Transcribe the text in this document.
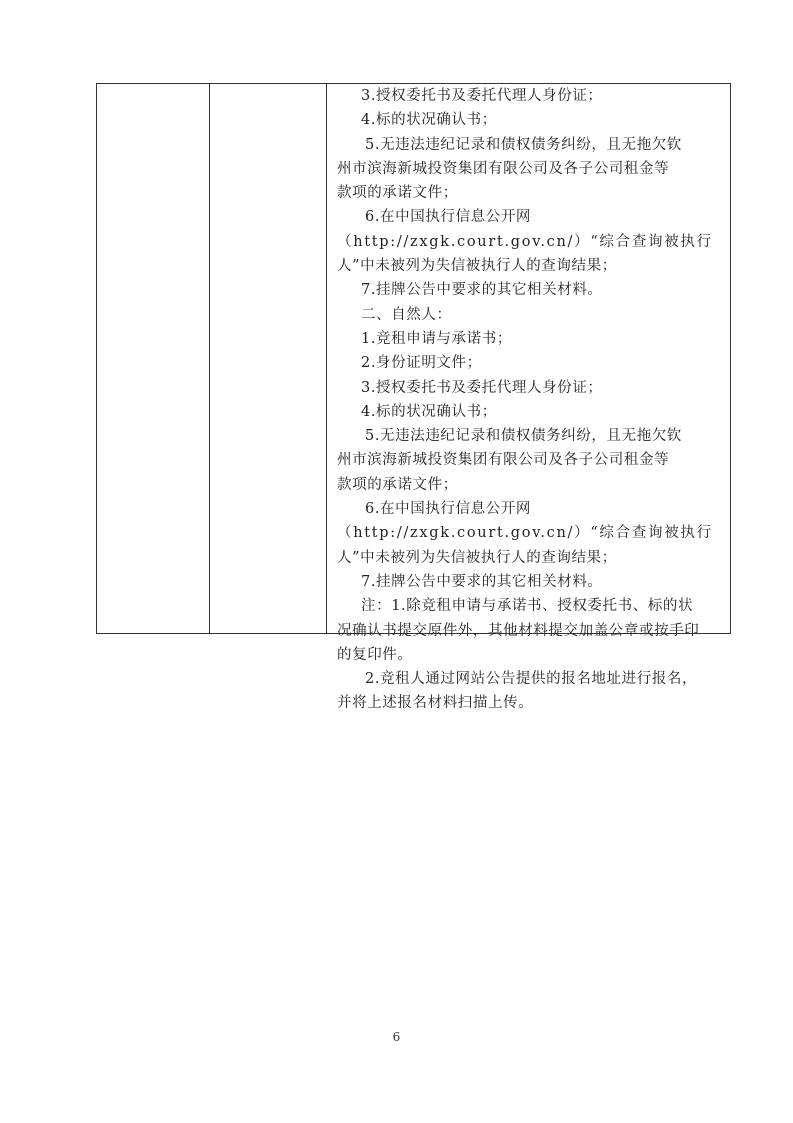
3.授权委托书及委托代理人身份证；

4.标的状况确认书；

5.无违法违纪记录和债权债务纠纷，且无拖欠钦

州市滨海新城投资集团有限公司及各子公司租金等

款项的承诺文件；

6.在中国执行信息公开网

（http://zxgk.court.gov.cn/）“综合查询被执行

人”中未被列为失信被执行人的查询结果；

7.挂牌公告中要求的其它相关材料。

二、自然人：

1.竞租申请与承诺书；

2.身份证明文件；

3.授权委托书及委托代理人身份证；

4.标的状况确认书；

5.无违法违纪记录和债权债务纠纷，且无拖欠钦

州市滨海新城投资集团有限公司及各子公司租金等

款项的承诺文件；

6.在中国执行信息公开网

（http://zxgk.court.gov.cn/）“综合查询被执行

人”中未被列为失信被执行人的查询结果；

7.挂牌公告中要求的其它相关材料。

注：1.除竞租申请与承诺书、授权委托书、标的状

况确认书提交原件外，其他材料提交加盖公章或按手印

的复印件。

2.竞租人通过网站公告提供的报名地址进行报名，

并将上述报名材料扫描上传。

6
